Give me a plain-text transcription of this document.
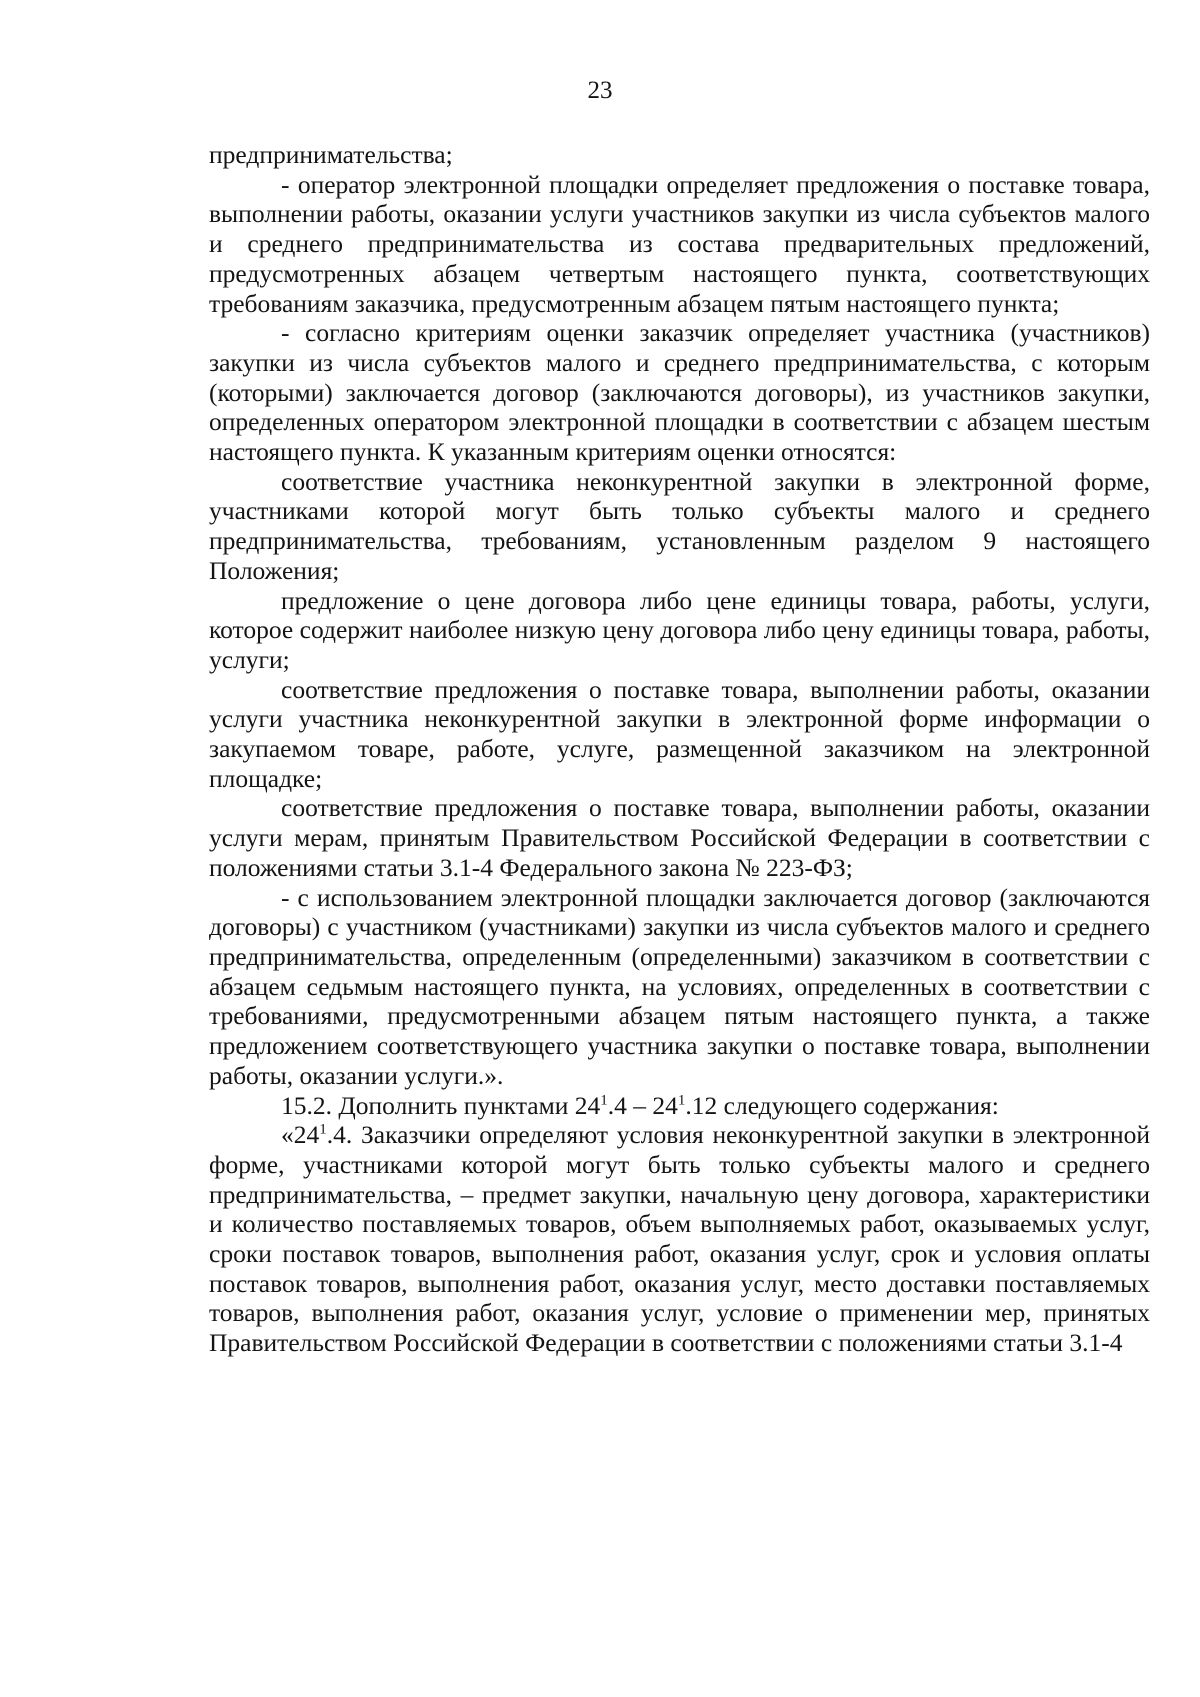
23

предпринимательства;

- оператор электронной площадки определяет предложения о поставке товара, выполнении работы, оказании услуги участников закупки из числа субъектов малого и среднего предпринимательства из состава предварительных предложений, предусмотренных абзацем четвертым настоящего пункта, соответствующих требованиям заказчика, предусмотренным абзацем пятым настоящего пункта;

- согласно критериям оценки заказчик определяет участника (участников) закупки из числа субъектов малого и среднего предпринимательства, с которым (которыми) заключается договор (заключаются договоры), из участников закупки, определенных оператором электронной площадки в соответствии с абзацем шестым настоящего пункта. К указанным критериям оценки относятся:

соответствие участника неконкурентной закупки в электронной форме, участниками которой могут быть только субъекты малого и среднего предпринимательства, требованиям, установленным разделом 9 настоящего Положения;

предложение о цене договора либо цене единицы товара, работы, услуги, которое содержит наиболее низкую цену договора либо цену единицы товара, работы, услуги;

соответствие предложения о поставке товара, выполнении работы, оказании услуги участника неконкурентной закупки в электронной форме информации о закупаемом товаре, работе, услуге, размещенной заказчиком на электронной площадке;

соответствие предложения о поставке товара, выполнении работы, оказании услуги мерам, принятым Правительством Российской Федерации в соответствии с положениями статьи 3.1-4 Федерального закона № 223-ФЗ;

- с использованием электронной площадки заключается договор (заключаются договоры) с участником (участниками) закупки из числа субъектов малого и среднего предпринимательства, определенным (определенными) заказчиком в соответствии с абзацем седьмым настоящего пункта, на условиях, определенных в соответствии с требованиями, предусмотренными абзацем пятым настоящего пункта, а также предложением соответствующего участника закупки о поставке товара, выполнении работы, оказании услуги.».

15.2. Дополнить пунктами $24^1.4 - 24^1.12$ следующего содержания:

«$24^1.4$. Заказчики определяют условия неконкурентной закупки в электронной форме, участниками которой могут быть только субъекты малого и среднего предпринимательства, – предмет закупки, начальную цену договора, характеристики и количество поставляемых товаров, объем выполняемых работ, оказываемых услуг, сроки поставок товаров, выполнения работ, оказания услуг, срок и условия оплаты поставок товаров, выполнения работ, оказания услуг, место доставки поставляемых товаров, выполнения работ, оказания услуг, условие о применении мер, принятых Правительством Российской Федерации в соответствии с положениями статьи 3.1-4
